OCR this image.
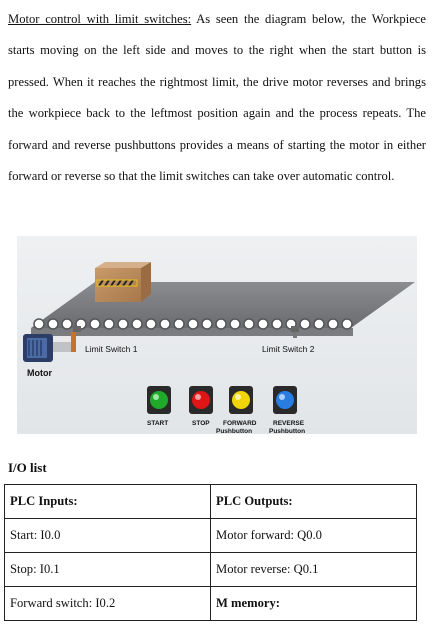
Motor control with limit switches: As seen the diagram below, the Workpiece starts moving on the left side and moves to the right when the start button is pressed. When it reaches the rightmost limit, the drive motor reverses and brings the workpiece back to the leftmost position again and the process repeats. The forward and reverse pushbuttons provides a means of starting the motor in either forward or reverse so that the limit switches can take over automatic control.

Limit Switch 1	Limit Switch 2
Motor
START	STOP FORWARD
Pushbutton
REVERSE
Pushbutton
I/O list
PLC Inputs:	PLC Outputs:
Start: I0.0	Motor forward: Q0.0
Stop: I0.1	Motor reverse: Q0.1
Forward switch: I0.2	M memory:
